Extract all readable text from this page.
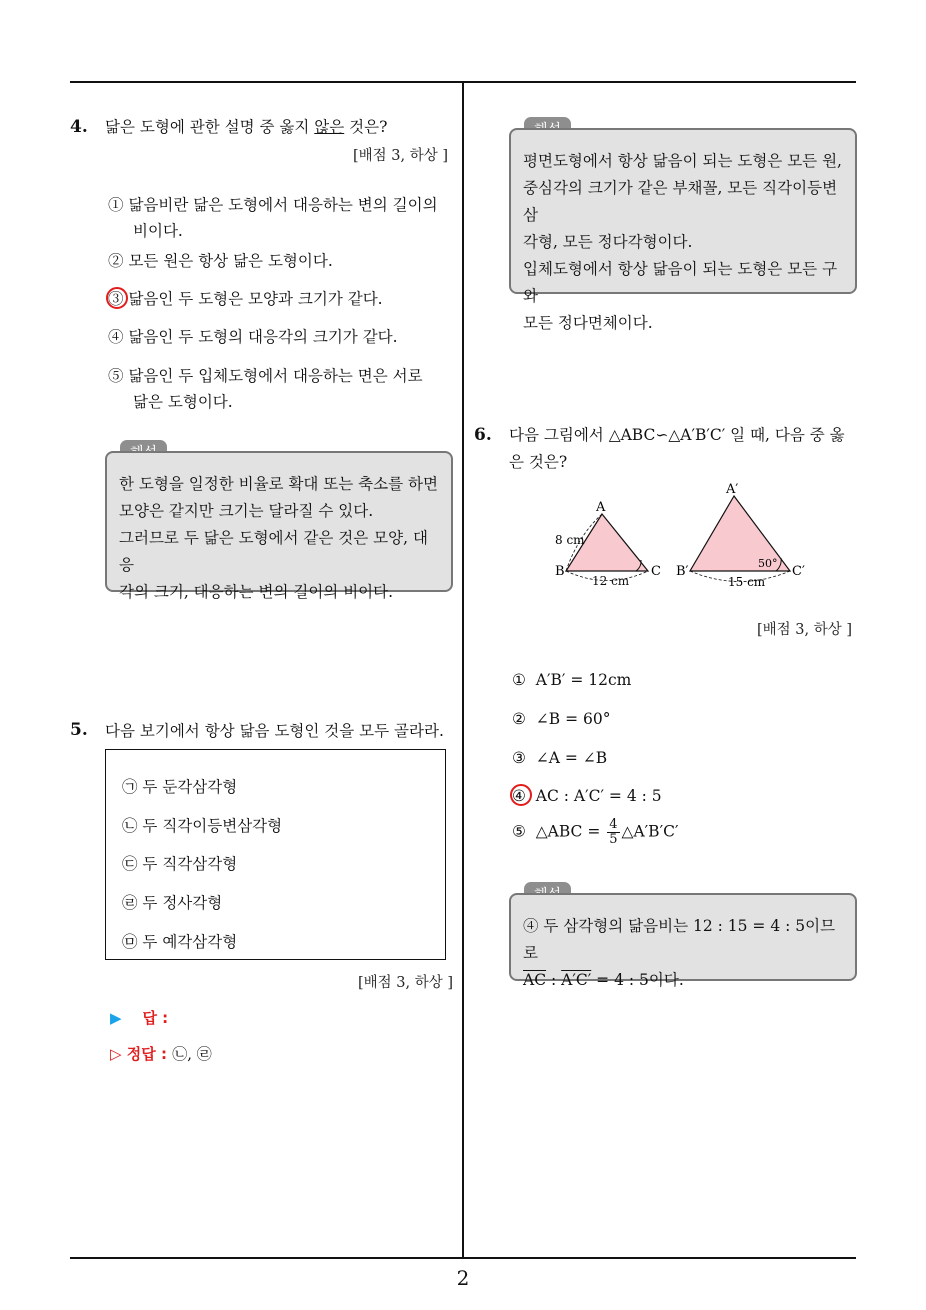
2
4. 닮은 도형에 관한 설명 중 옳지 않은 것은?
[배점 3, 하상 ]
① 닮음비란 닮은 도형에서 대응하는 변의 길이의
비이다.
② 모든 원은 항상 닮은 도형이다.
③ 닮음인 두 도형은 모양과 크기가 같다.
④ 닮음인 두 도형의 대응각의 크기가 같다.
⑤ 닮음인 두 입체도형에서 대응하는 면은 서로
닮은 도형이다.
한 도형을 일정한 비율로 확대 또는 축소를 하면
모양은 같지만 크기는 달라질 수 있다.
그러므로 두 닮은 도형에서 같은 것은 모양, 대응
각의 크기, 대응하는 변의 길이의 비이다.
5. 다음 보기에서 항상 닮음 도형인 것을 모두 골라라.
㉠ 두 둔각삼각형
㉡ 두 직각이등변삼각형
㉢ 두 직각삼각형
㉣ 두 정사각형
㉤ 두 예각삼각형
[배점 3, 하상 ]
▶ 답 :
▷ 정답 : ㉡, ㉣
평면도형에서 항상 닮음이 되는 도형은 모든 원,
중심각의 크기가 같은 부채꼴, 모든 직각이등변삼
각형, 모든 정다각형이다.
입체도형에서 항상 닮음이 되는 도형은 모든 구와
모든 정다면체이다.
6. 다음 그림에서 △ABC∽△A′B′C′ 일 때, 다음 중 옳
은 것은?
A
B	C
8 cm
12 cm
A′
B′	C′
50°
15 cm
[배점 3, 하상 ]
① A′B′ = 12cm
② ∠B = 60°
③ ∠A = ∠B
④ AC : A′C′ = 4 : 5
⑤ △ABC = $\frac{4}{5}$ △A′B′C′
④ 두 삼각형의 닮음비는 12 : 15 = 4 : 5이므로
$\overline{AC}$ : A′C′ = 4 : 5이다.
